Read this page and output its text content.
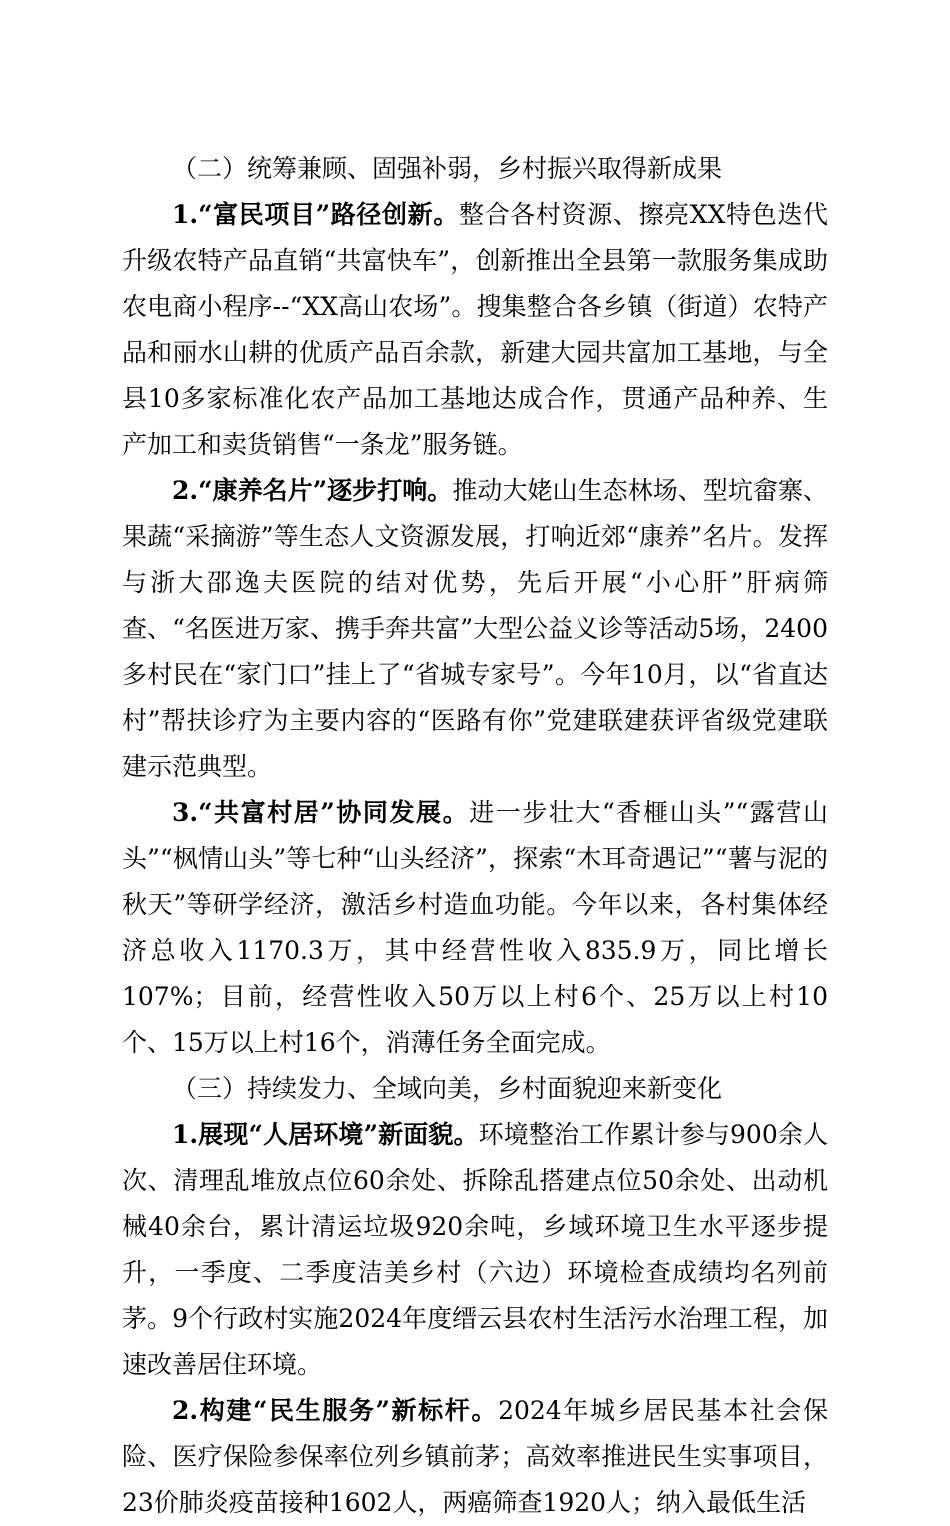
（二）统筹兼顾、固强补弱，乡村振兴取得新成果

1.“富民项目”路径创新。整合各村资源、擦亮XX特色迭代升级农特产品直销“共富快车”，创新推出全县第一款服务集成助农电商小程序--“XX高山农场”。搜集整合各乡镇（街道）农特产品和丽水山耕的优质产品百余款，新建大园共富加工基地，与全县10多家标准化农产品加工基地达成合作，贯通产品种养、生产加工和卖货销售“一条龙”服务链。

2.“康养名片”逐步打响。推动大姥山生态林场、型坑畲寨、果蔬“采摘游”等生态人文资源发展，打响近郊“康养”名片。发挥与浙大邵逸夫医院的结对优势，先后开展“小心肝”肝病筛查、“名医进万家、携手奔共富”大型公益义诊等活动5场，2400多村民在“家门口”挂上了“省城专家号”。今年10月，以“省直达村”帮扶诊疗为主要内容的“医路有你”党建联建获评省级党建联建示范典型。

3.“共富村居”协同发展。进一步壮大“香榧山头”“露营山头”“枫情山头”等七种“山头经济”，探索“木耳奇遇记”“薯与泥的秋天”等研学经济，激活乡村造血功能。今年以来，各村集体经济总收入1170.3万，其中经营性收入835.9万，同比增长107%；目前，经营性收入50万以上村6个、25万以上村10个、15万以上村16个，消薄任务全面完成。

（三）持续发力、全域向美，乡村面貌迎来新变化

1.展现“人居环境”新面貌。环境整治工作累计参与900余人次、清理乱堆放点位60余处、拆除乱搭建点位50余处、出动机械40余台，累计清运垃圾920余吨，乡域环境卫生水平逐步提升，一季度、二季度洁美乡村（六边）环境检查成绩均名列前茅。9个行政村实施2024年度缙云县农村生活污水治理工程，加速改善居住环境。

2.构建“民生服务”新标杆。2024年城乡居民基本社会保险、医疗保险参保率位列乡镇前茅；高效率推进民生实事项目，23价肺炎疫苗接种1602人，两癌筛查1920人；纳入最低生活
